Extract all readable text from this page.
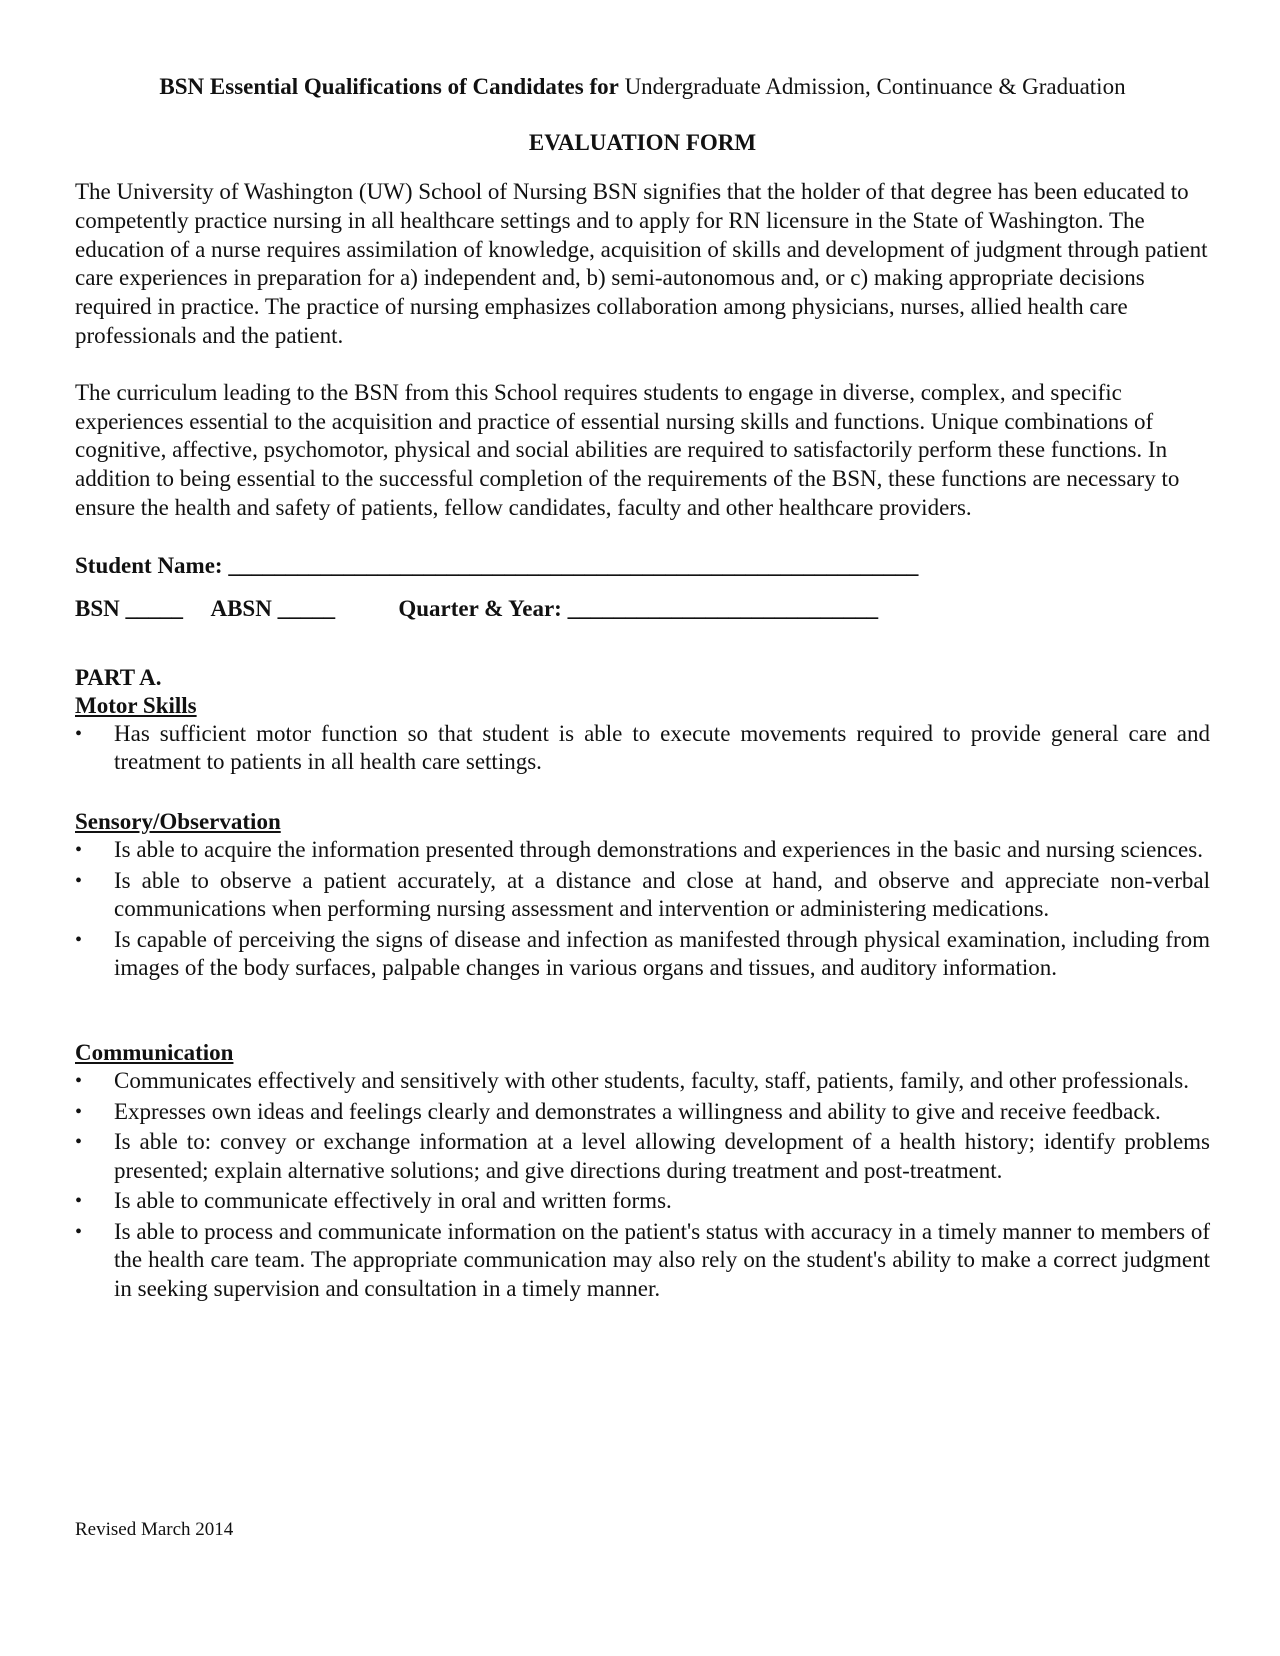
BSN Essential Qualifications of Candidates for Undergraduate Admission, Continuance & Graduation

EVALUATION FORM

The University of Washington (UW) School of Nursing BSN signifies that the holder of that degree has been educated to competently practice nursing in all healthcare settings and to apply for RN licensure in the State of Washington. The education of a nurse requires assimilation of knowledge, acquisition of skills and development of judgment through patient care experiences in preparation for a) independent and, b) semi-autonomous and, or c) making appropriate decisions required in practice. The practice of nursing emphasizes collaboration among physicians, nurses, allied health care professionals and the patient.

The curriculum leading to the BSN from this School requires students to engage in diverse, complex, and specific experiences essential to the acquisition and practice of essential nursing skills and functions. Unique combinations of cognitive, affective, psychomotor, physical and social abilities are required to satisfactorily perform these functions. In addition to being essential to the successful completion of the requirements of the BSN, these functions are necessary to ensure the health and safety of patients, fellow candidates, faculty and other healthcare providers.

Student Name: ____________________________________________________________

BSN _____     ABSN _____           Quarter & Year: ___________________________

PART A.

Motor Skills

• Has sufficient motor function so that student is able to execute movements required to provide general care and treatment to patients in all health care settings.

Sensory/Observation

• Is able to acquire the information presented through demonstrations and experiences in the basic and nursing sciences.
• Is able to observe a patient accurately, at a distance and close at hand, and observe and appreciate non-verbal communications when performing nursing assessment and intervention or administering medications.
• Is capable of perceiving the signs of disease and infection as manifested through physical examination, including from images of the body surfaces, palpable changes in various organs and tissues, and auditory information.

Communication

• Communicates effectively and sensitively with other students, faculty, staff, patients, family, and other professionals.
• Expresses own ideas and feelings clearly and demonstrates a willingness and ability to give and receive feedback.
• Is able to: convey or exchange information at a level allowing development of a health history; identify problems presented; explain alternative solutions; and give directions during treatment and post-treatment.
• Is able to communicate effectively in oral and written forms.
• Is able to process and communicate information on the patient's status with accuracy in a timely manner to members of the health care team. The appropriate communication may also rely on the student's ability to make a correct judgment in seeking supervision and consultation in a timely manner.
Revised March 2014
